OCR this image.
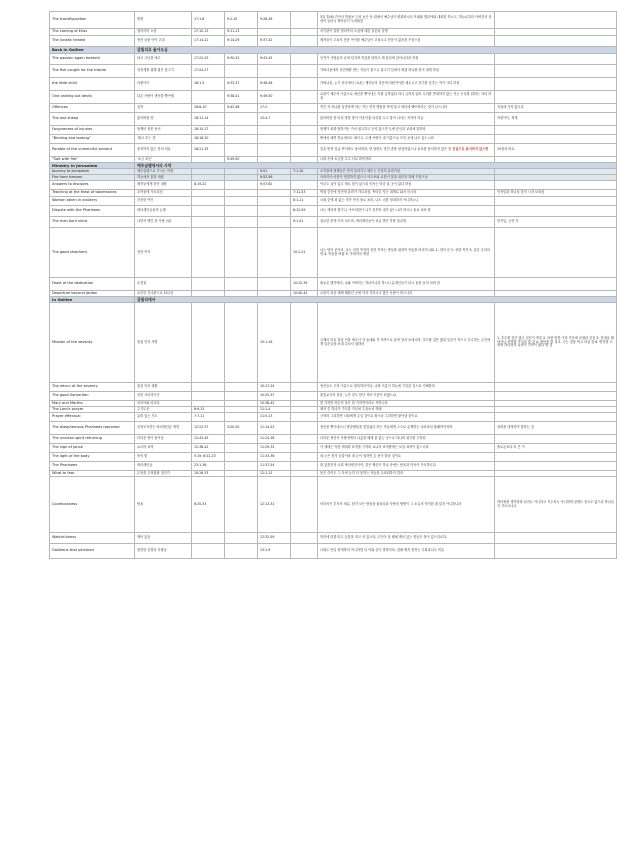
The transfiguration	변화	17:1-8	9:2-10	9:28-36		3일 후(6) 가이사 빌립보 근처 높은 산 위에서 예수님이 변화되시어 모세와 엘리야와 대화를 하시고, 하늘로부터 아버지의 음성이 들리니 제자들이 두려워함	
The coming of Elias	엘리야의 오심	17:10-13	9:11-13			서기관이 말한 엘리야의 오심에 대한 질문과 설명	
The lunatic healed	귀신 들린 아이 고침	17:14-21	9:14-29	9:37-42		제자들이 고치지 못한 아이를 예수님이 고치시고 믿음이 없음을 꾸짖으심	
Back in Galilee	갈릴리로 돌아오심						
The passion again foretold	다시 고난을 예고	17:22-23	9:30-32	9:43-45		인자가 사람들의 손에 넘겨져 죽임을 당하고 제 삼일에 살아나리라 하심	
The fish caught for the tribute	성전세를 위해 잡은 물고기	17:24-27				가버나움에서 성전세를 받는 자들이 물으니 물고기 입에서 세겔 하나를 얻어 내게 하심	
the little child	어린아이	18:1-5	9:33-37	9:46-48		가버나움, 누가 천국에서 크냐는 제자들의 질문에 어린아이를 세우시고 자기를 낮추는 자가 크다 하심	
One casting out devils	다른 사람이 귀신을 쫓아냄		9:38-41	9:49-50		요한이 예수의 이름으로 귀신을 쫓아내는 자를 금하였다 하니 금하지 말라 우리를 반대하지 않는 자는 우리를 위하는 자라 하심	
Offences	실족	18:6-10	9:42-48	17:2		작은 자 하나를 실족하게 하는 자는 연자 맷돌을 목에 달고 바다에 빠뜨려지는 것이 나으니라	지옥에 가지 않도록
The lost sheep	잃어버린 양	18:11-14		15:4-7		잃어버린 한 마리 양을 찾아 아흔아홉 마리를 두고 찾아 나서는 목자의 비유	어린아이, 회개
Forgiveness of injuries	형제의 잘못 용서	18:15-17				형제가 죄를 범하거든 가서 권고하고 듣지 않으면 두세 증인과 교회에 말하라	
"Binding and loosing"	'매고 푸는 것'	18:18-20				땅에서 매면 하늘에서도 매이고, 두세 사람이 내 이름으로 모인 곳에 나도 있느니라	
Parable of the unmerciful servant	용서하지 않는 종의 비유	18:21-35				일흔 번씩 일곱 번이라도 용서하라, 만 달란트 빚진 종을 탕감하였으나 동료를 용서하지 않은 종 진심으로 용서하지 않으면	15절과 비교
"Salt with fire"	'소금 치듯'		9:49-50			너희 속에 소금을 두고 서로 화목하라	
Ministry in Jerusalem	예루살렘에서의 사역						
Journey to Jerusalem	예루살렘으로 가시는 여정			9:51	7:1-10	초막절에 형제들은 먼저 올라가고 예수는 은밀히 올라가심	
Fire from heaven	하늘에서 불을 내림			9:52-56		사마리아 마을이 영접하지 않으니 야고보와 요한이 불을 내리자 하매 꾸짖으심	
Answers to disciples	제자들에게 하신 대답	8:19-22		9:57-62		여우도 굴이 있고 새도 집이 있으되 인자는 머리 둘 곳이 없다 하심	
Teaching at the feast of tabernacles	초막절에 가르치심				7:11-53	명절 중간에 성전에 올라가 가르치심, 목마른 자는 내게로 와서 마시라	인자임과 하나님 앞의 시자 보내심
Woman taken in adultery	간음한 여인				8:1-11	너희 중에 죄 없는 자가 먼저 돌로 치라, 나도 너를 정죄하지 아니하노니	
Dispute with the Pharisees	바리새인들과의 논쟁				8:12-59	나는 세상의 빛이니, 아브라함이 나기 전부터 내가 있느니라 하시니 돌로 치려 함	
The man born blind	나면서 맹인 된 사람 치유				9:1-41	실로암 못에 가서 씻으라, 바리새인들이 치유 받은 자를 출교함	안식일, 눈먼 자
The good shepherd	선한 목자				10:1-21	나는 양의 문이라, 나는 선한 목자라 선한 목자는 양들을 위하여 목숨을 버리거니와. 1. 양의 문 2. 선한 목자 3. 다른 우리의 양 4. 목숨을 버림 5. 아버지의 명령	
Feast of the dedication	수전절				10:22-39	솔로몬 행각에서, 나와 아버지는 하나이니라 하시니 유대인들이 다시 돌을 들어 치려 함	
Departure beyond Jordan	요단강 건너편으로 떠나심				10:40-42	요한이 처음 세례 베풀던 곳에 가서 거하시니 많은 사람이 믿으니라	
In Galilee	갈릴리에서						
Mission of the seventy	칠십 인의 사명			10:1-16		주께서 따로 칠십 인을 세우사 각 동네와 각 지역으로 둘씩 앞서 보내시며, 추수할 것은 많되 일꾼이 적으니 추수하는 주인에게 일꾼들을 보내 주소서 청하라	1. 추수할 것은 많고 일꾼이 적음 2. 어린 양을 이리 가운데 보냄과 같음 3. 전대나 배낭이나 신발을 가지지 말 것 4. 평안을 빌 것 5. 주는 것을 먹고 마실 것 6. 병자를 고치며 하나님의 나라가 가까이 왔다 할 것
The return of the seventy	칠십 인의 귀환			10:17-24		귀신들도 주의 이름으로 항복하더이다, 너희 이름이 하늘에 기록된 것으로 기뻐하라	
The good Samaritan	선한 사마리아인			10:25-37		율법교사의 질문, 누가 강도 만난 자의 이웃이 되겠느냐	
Mary and Martha	마리아와 마르다			10:38-42		몇 가지만 하든지 혹은 한 가지만이라도 족하니라	
The Lord's prayer	주기도문	6:9-13		11:1-4		제자 중 하나가 기도를 가르쳐 주옵소서 하매	
Prayer effectual	효력 있는 기도	7:7-11		11:5-13		구하라 그리하면 너희에게 주실 것이요 찾으라 그리하면 찾아낼 것이요	
The blasphemous Pharisees reproved	신성모독하는 바리새인들 책망	12:22-37	3:20-30	11:14-23		귀신을 쫓아내시니 바알세불을 힘입었다 하는 자들에게 스스로 분쟁하는 나라마다 황폐하여지며	성령을 대적하여 말하는 것
The unclean spirit returning	더러운 영이 돌아옴	12:43-45		11:24-28		더러운 귀신이 사람에게서 나갔을 때에 물 없는 곳으로 다니며 쉬기를 구하되	
The sign of Jonah	요나의 표적	12:38-42		11:29-32		이 세대는 악한 세대라 표적을 구하되 요나의 표적밖에는 보일 표적이 없느니라	솔로몬보다 더 큰 이
The light of the body	몸의 빛	5:15; 6:22-23		11:33-36		네 눈은 몸의 등불이라 네 눈이 성하면 온 몸이 밝을 것이요	
The Pharisees	바리새인들	23:1-36		11:37-54		화 있을진저 너희 바리새인이여, 겉은 깨끗이 하나 속에는 탐욕과 악독이 가득하도다	
What to fear	무엇을 두려워할 것인가	10:26-33		12:1-12		몸은 죽여도 그 후에 능히 더 못하는 자들을 두려워하지 말라	
Covetousness	탐욕	6:25-33		12:13-31		어리석은 부자의 비유, 삼가 모든 탐심을 물리치라 사람의 생명이 그 소유의 넉넉한 데 있지 아니하니라	까마귀를 생각하라 심지도 아니하고 거두지도 아니하며 골방도 창고도 없으되 하나님이 기르시나니
Watchfulness	깨어 있음			12:32-59		허리에 띠를 띠고 등불을 켜고 서 있으라, 주인이 올 때에 깨어 있는 종들은 복이 있으리로다	
Galileans that perished	멸망한 갈릴리 사람들			13:1-9		너희도 만일 회개하지 아니하면 다 이와 같이 망하리라, 열매 맺지 못하는 무화과나무 비유	
